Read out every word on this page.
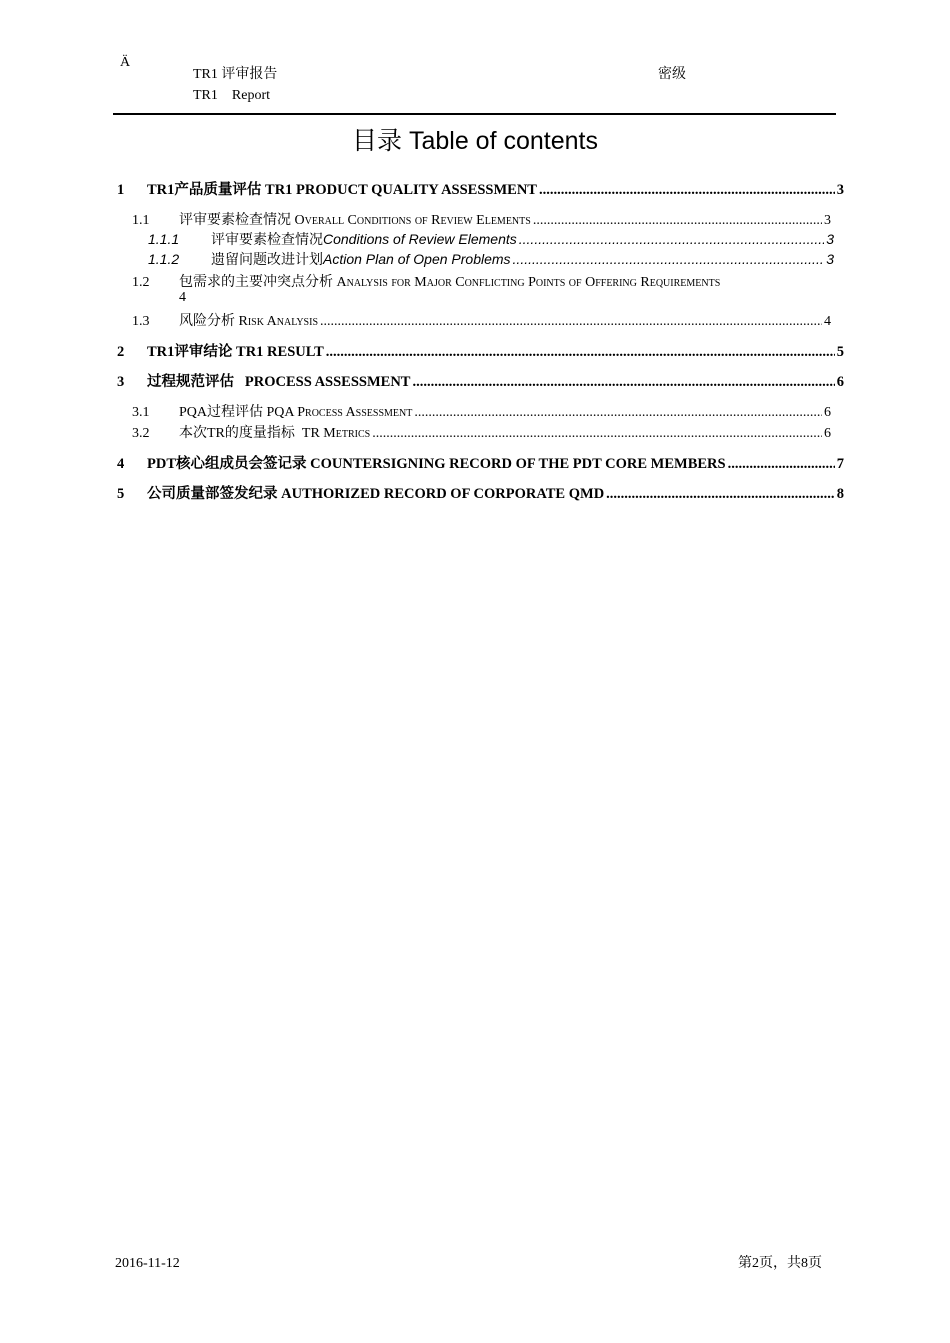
Ä
TR1 评审报告
TR1    Report
密级
目录 Table of contents
1	TR1产品质量评估 TR1 PRODUCT QUALITY ASSESSMENT .....	3
1.1	评审要素检查情况 Overall Conditions of Review Elements .....	3
1.1.1	评审要素检查情况Conditions of Review Elements .....	3
1.1.2	遗留问题改进计划Action Plan of Open Problems .....	3
1.2	包需求的主要冲突点分析 Analysis for Major Conflicting Points of Offering Requirements
4
1.3	风险分析 Risk Analysis .....	4
2	TR1评审结论 TR1 RESULT .....	5
3	过程规范评估 PROCESS ASSESSMENT .....	6
3.1	PQA过程评估 PQA Process Assessment .....	6
3.2	本次TR的度量指标 TR Metrics .....	6
4	PDT核心组成员会签记录 COUNTERSIGNING RECORD OF THE PDT CORE MEMBERS .....	7
5	公司质量部签发纪录 AUTHORIZED RECORD OF CORPORATE QMD .....	8
2016-11-12	第2页，共8页
